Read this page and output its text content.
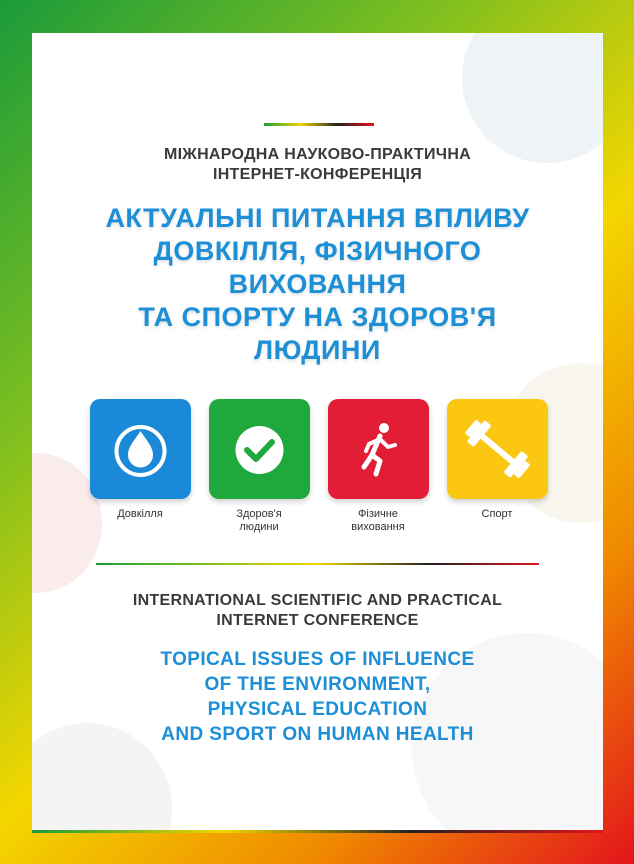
МІЖНАРОДНА НАУКОВО-ПРАКТИЧНА
ІНТЕРНЕТ-КОНФЕРЕНЦІЯ
АКТУАЛЬНІ ПИТАННЯ ВПЛИВУ
ДОВКІЛЛЯ, ФІЗИЧНОГО
ВИХОВАННЯ
ТА СПОРТУ НА ЗДОРОВ'Я
ЛЮДИНИ
Довкілля	Здоров'я
людини
Фізичне
виховання
Спорт
INTERNATIONAL SCIENTIFIC AND PRACTICAL
INTERNET CONFERENCE
TOPICAL ISSUES OF INFLUENCE
OF THE ENVIRONMENT,
PHYSICAL EDUCATION
AND SPORT ON HUMAN HEALTH
